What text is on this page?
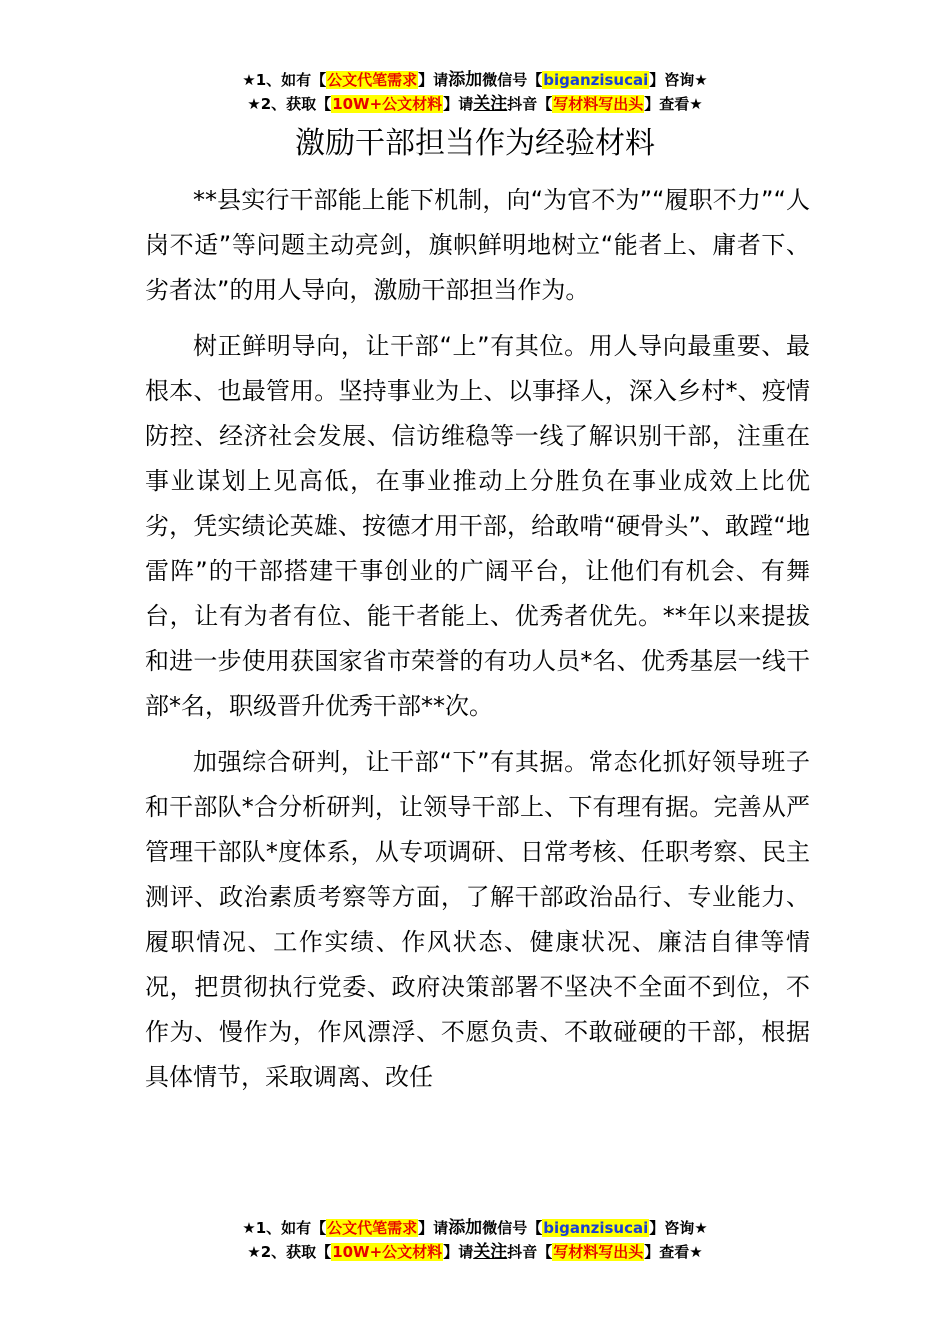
★1、如有【公文代笔需求】请添加微信号【biganzisucai】咨询★
★2、获取【10W+公文材料】请关注抖音【写材料写出头】查看★
激励干部担当作为经验材料

**县实行干部能上能下机制，向“为官不为”“履职不力”“人岗不适”等问题主动亮剑，旗帜鲜明地树立“能者上、庸者下、劣者汰”的用人导向，激励干部担当作为。

树正鲜明导向，让干部“上”有其位。用人导向最重要、最根本、也最管用。坚持事业为上、以事择人，深入乡村*、疫情防控、经济社会发展、信访维稳等一线了解识别干部，注重在事业谋划上见高低，在事业推动上分胜负在事业成效上比优劣，凭实绩论英雄、按德才用干部，给敢啃“硬骨头”、敢蹚“地雷阵”的干部搭建干事创业的广阔平台，让他们有机会、有舞台，让有为者有位、能干者能上、优秀者优先。**年以来提拔和进一步使用获国家省市荣誉的有功人员*名、优秀基层一线干部*名，职级晋升优秀干部**次。

加强综合研判，让干部“下”有其据。常态化抓好领导班子和干部队*合分析研判，让领导干部上、下有理有据。完善从严管理干部队*度体系，从专项调研、日常考核、任职考察、民主测评、政治素质考察等方面，了解干部政治品行、专业能力、履职情况、工作实绩、作风状态、健康状况、廉洁自律等情况，把贯彻执行党委、政府决策部署不坚决不全面不到位，不作为、慢作为，作风漂浮、不愿负责、不敢碰硬的干部，根据具体情节，采取调离、改任

★1、如有【公文代笔需求】请添加微信号【biganzisucai】咨询★
★2、获取【10W+公文材料】请关注抖音【写材料写出头】查看★
